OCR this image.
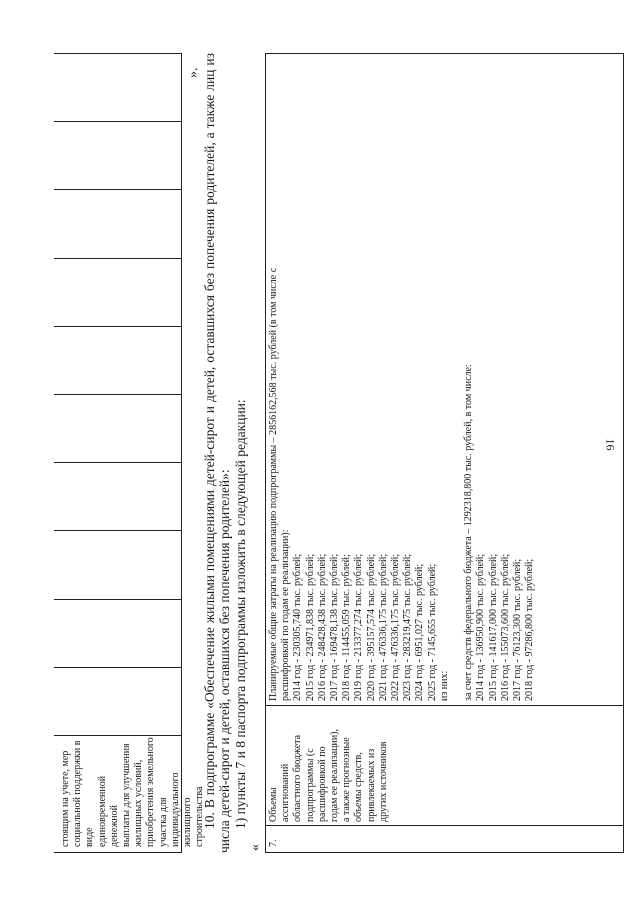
16
стоящим на учете, мер социальной поддержки в виде единовременной денежной выплаты для улучшения жилищных условий, приобретения земельного участка для индивидуального жилищного строительства
». 10. В подпрограмме «Обеспечение жилыми помещениями детей-сирот и детей, оставшихся без попечения родителей, а также лиц из числа детей-сирот и детей, оставшихся без попечения родителей»: 1) пункты 7 и 8 паспорта подпрограммы изложить в следующей редакции:
«
7.
Объемы ассигнований областного бюджета подпрограммы (с расшифровкой по годам ее реализации), а также прогнозные объемы средств, привлекаемых из других источников
Планируемые общие затраты на реализацию подпрограммы – 2856162,568 тыс. рублей (в том числе с расшифровкой по годам ее реализации): 2014 год - 230305,740 тыс. рублей; 2015 год - 234971,838 тыс. рублей; 2016 год - 248428,438 тыс. рублей; 2017 год - 169478,138 тыс. рублей; 2018 год - 114455,059 тыс. рублей; 2019 год - 213377,274 тыс. рублей; 2020 год - 395157,574 тыс. рублей; 2021 год - 476336,175 тыс. рублей; 2022 год - 476336,175 тыс. рублей; 2023 год - 283219,475 тыс. рублей; 2024 год - 6951,027 тыс. рублей; 2025 год - 7145,655 тыс. рублей; из них:
за счет средств федерального бюджета – 1292318,800 тыс. рублей, в том числе: 2014 год - 136950,900 тыс. рублей; 2015 год - 141617,000 тыс. рублей; 2016 год - 155073,600 тыс. рублей; 2017 год - 76123,300 тыс. рублей; 2018 год - 97286,800 тыс. рублей;
